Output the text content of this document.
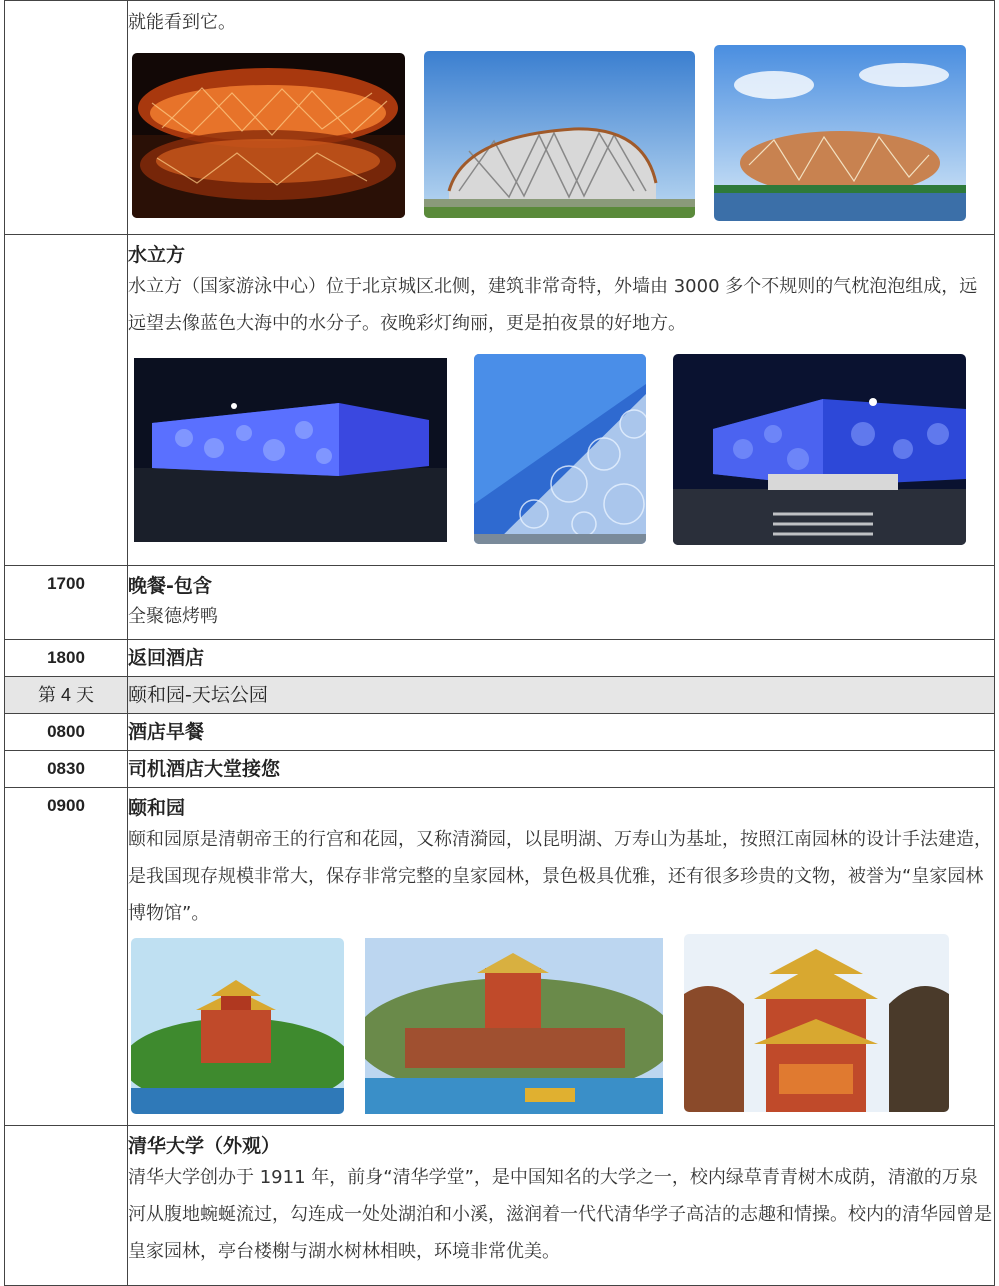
	就能看到它。

	水立方
水立方（国家游泳中心）位于北京城区北侧，建筑非常奇特，外墙由 3000 多个不规则的气枕泡泡组成，远远望去像蓝色大海中的水分子。夜晚彩灯绚丽，更是拍夜景的好地方。

1700	晚餐-包含
全聚德烤鸭

1800	返回酒店

第 4 天	颐和园-天坛公园

0800	酒店早餐

0830	司机酒店大堂接您

0900	颐和园
颐和园原是清朝帝王的行宫和花园，又称清漪园，以昆明湖、万寿山为基址，按照江南园林的设计手法建造，是我国现存规模非常大，保存非常完整的皇家园林，景色极具优雅，还有很多珍贵的文物，被誉为“皇家园林博物馆”。

	清华大学（外观）
清华大学创办于 1911 年，前身“清华学堂”，是中国知名的大学之一，校内绿草青青树木成荫，清澈的万泉河从腹地蜿蜒流过，勾连成一处处湖泊和小溪，滋润着一代代清华学子高洁的志趣和情操。校内的清华园曾是皇家园林，亭台楼榭与湖水树林相映，环境非常优美。
